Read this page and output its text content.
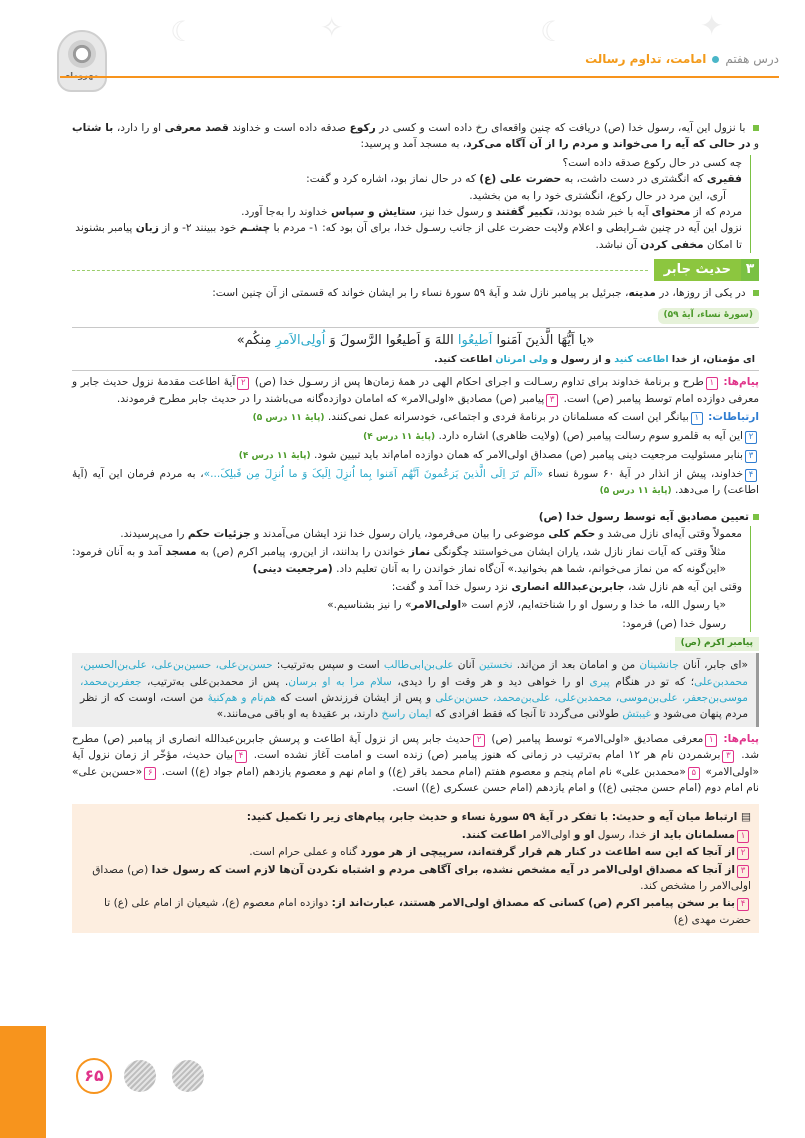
☾	✧	☾	✦
مهروماه
درس هفتم
امامت، تداوم رسالت
با نزول این آیه، رسول خدا (ص) دریافت که چنین واقعه‌ای رخ داده است و کسی در رکوع صدقه داده است و خداوند قصد معرفی او را دارد، با شتاب و در حالی که آیه را می‌خواند و مردم را از آن آگاه می‌کرد، به مسجد آمد و پرسید:
چه کسی در حال رکوع صدقه داده است؟
فقیری که انگشتری در دست داشت، به حضرت علی (ع) که در حال نماز بود، اشاره کرد و گفت:
آری، این مرد در حال رکوع، انگشتری خود را به من بخشید.
مردم که از محتوای آیه با خبر شده بودند، تکبیر گفتند و رسول خدا نیز، ستایش و سپاس خداوند را به‌جا آورد.
نزول این آیه در چنین شـرایطی و اعلام ولایت حضرت علی از جانب رسـول خدا، برای آن بود که: ۱- مردم با چشـم خود ببینند ۲- و از زبان پیامبر بشنوند تا امکان مخفی کردن آن نباشد.
۳
حدیث جابر
در یکی از روزها، در مدینه، جبرئیل بر پیامبر نازل شد و آیهٔ ۵۹ سورهٔ نساء را بر ایشان خواند که قسمتی از آن چنین است:
(سورهٔ نساء، آیهٔ ۵۹)
«یا اَیُّهَا الَّذینَ آمَنوا اَطیعُوا اللهَ وَ اَطیعُوا الرَّسولَ وَ اُولِی‌الاَمرِ مِنکُم»
ای مؤمنان، از خدا اطاعت کنید و از رسول و ولی امرتان اطاعت کنید.
پیام‌ها: ۱طرح و برنامهٔ خداوند برای تداوم رسـالت و اجرای احکام الهی در همهٔ زمان‌ها پس از رسـول خدا (ص) ۲آیهٔ اطاعت مقدمهٔ نزول حدیث جابر و معرفی دوازده امام توسط پیامبر (ص) است. ۳پیامبر (ص) مصادیق «اولی‌الامر» که امامان دوازده‌گانه می‌باشند را در حدیث جابر مطرح فرمودند.
ارتباطات: ۱بیانگر این است که مسلمانان در برنامهٔ فردی و اجتماعی، خودسرانه عمل نمی‌کنند. (پایهٔ ۱۱ درس ۵)
۲این آیه به قلمرو سوم رسالت پیامبر (ص) (ولایت ظاهری) اشاره دارد. (پایهٔ ۱۱ درس ۴)
۳بنابر مسئولیت مرجعیت دینی پیامبر (ص) مصداق اولی‌الامر که همان دوازده امام‌اند باید تبیین شود. (پایهٔ ۱۱ درس ۴)
۴خداوند، پیش از انذار در آیهٔ ۶۰ سورهٔ نساء «اَلَم تَرَ اِلَی الَّذینَ یَزعُمونَ اَنَّهُم آمَنوا بِما اُنزِلَ اِلَیکَ وَ ما اُنزِلَ مِن قَبلِکَ...»، به مردم فرمان این آیه (آیهٔ اطاعت) را می‌دهد. (پایهٔ ۱۱ درس ۵)
تعیین مصادیق آیه توسط رسول خدا (ص)
معمولاً وقتی آیه‌ای نازل می‌شد و حکم کلی موضوعی را بیان می‌فرمود، یاران رسول خدا نزد ایشان می‌آمدند و جزئیات حکم را می‌پرسیدند.
مثلاً وقتی که آیات نماز نازل شد، یاران ایشان می‌خواستند چگونگی نماز خواندن را بدانند، از این‌رو، پیامبر اکرم (ص) به مسجد آمد و به آنان فرمود: «این‌گونه که من نماز می‌خوانم، شما هم بخوانید.» آن‌گاه نماز خواندن را به آنان تعلیم داد. (مرجعیت دینی)
وقتی این آیه هم نازل شد، جابربن‌عبدالله انصاری نزد رسول خدا آمد و گفت:
«یا رسول الله، ما خدا و رسول او را شناخته‌ایم، لازم است «اولی‌الامر» را نیز بشناسیم.»
رسول خدا (ص) فرمود:
پیامبر اکرم (ص)
«ای جابر، آنان جانشینان من و امامان بعد از من‌اند. نخستین آنان علی‌بن‌ابی‌طالب است و سپس به‌ترتیب: حسن‌بن‌علی، حسین‌بن‌علی، علی‌بن‌الحسین، محمدبن‌علی؛ که تو در هنگام پیری او را خواهی دید و هر وقت او را دیدی، سلام مرا به او برسان. پس از محمدبن‌علی به‌ترتیب، جعفربن‌محمد، موسی‌بن‌جعفر، علی‌بن‌موسی، محمدبن‌علی، علی‌بن‌محمد، حسن‌بن‌علی و پس از ایشان فرزندش است که هم‌نام و هم‌کنیهٔ من است، اوست که از نظر مردم پنهان می‌شود و غیبتش طولانی می‌گردد تا آنجا که فقط افرادی که ایمان راسخ دارند، بر عقیدهٔ به او باقی می‌مانند.»
پیام‌ها: ۱معرفی مصادیق «اولی‌الامر» توسط پیامبر (ص) ۲حدیث جابر پس از نزول آیهٔ اطاعت و پرسش جابربن‌عبدالله انصاری از پیامبر (ص) مطرح شد. ۳برشمردن نام هر ۱۲ امام به‌ترتیب در زمانی که هنوز پیامبر (ص) زنده است و امامت آغاز نشده است. ۴بیان حدیث، مؤخّر از زمان نزول آیهٔ «اولی‌الامر» ۵«محمدبن علی» نام امام پنجم و معصوم هفتم (امام محمد باقر (ع)) و امام نهم و معصوم یازدهم (امام جواد (ع)) است. ۶«حسن‌بن علی» نام امام دوم (امام حسن مجتبی (ع)) و امام یازدهم (امام حسن عسکری (ع)) است.
▤ ارتباط میان آیه و حدیث: با تفکر در آیهٔ ۵۹ سورهٔ نساء و حدیث جابر، پیام‌های زیر را تکمیل کنید:
۱مسلمانان باید از خدا، رسول او و اولی‌الامر اطاعت کنند.
۲از آنجا که این سه اطاعت در کنار هم قرار گرفته‌اند، سرپیچی از هر مورد گناه و عملی حرام است.
۳از آنجا که مصداق اولی‌الامر در آیه مشخص نشده، برای آگاهی مردم و اشتباه نکردن آن‌ها لازم است که رسول خدا (ص) مصداق اولی‌الامر را مشخص کند.
۴بنا بر سخن پیامبر اکرم (ص) کسانی که مصداق اولی‌الامر هستند، عبارت‌اند از: دوازده امام معصوم (ع)، شیعیان از امام علی (ع) تا حضرت مهدی (ع)
۶۵
